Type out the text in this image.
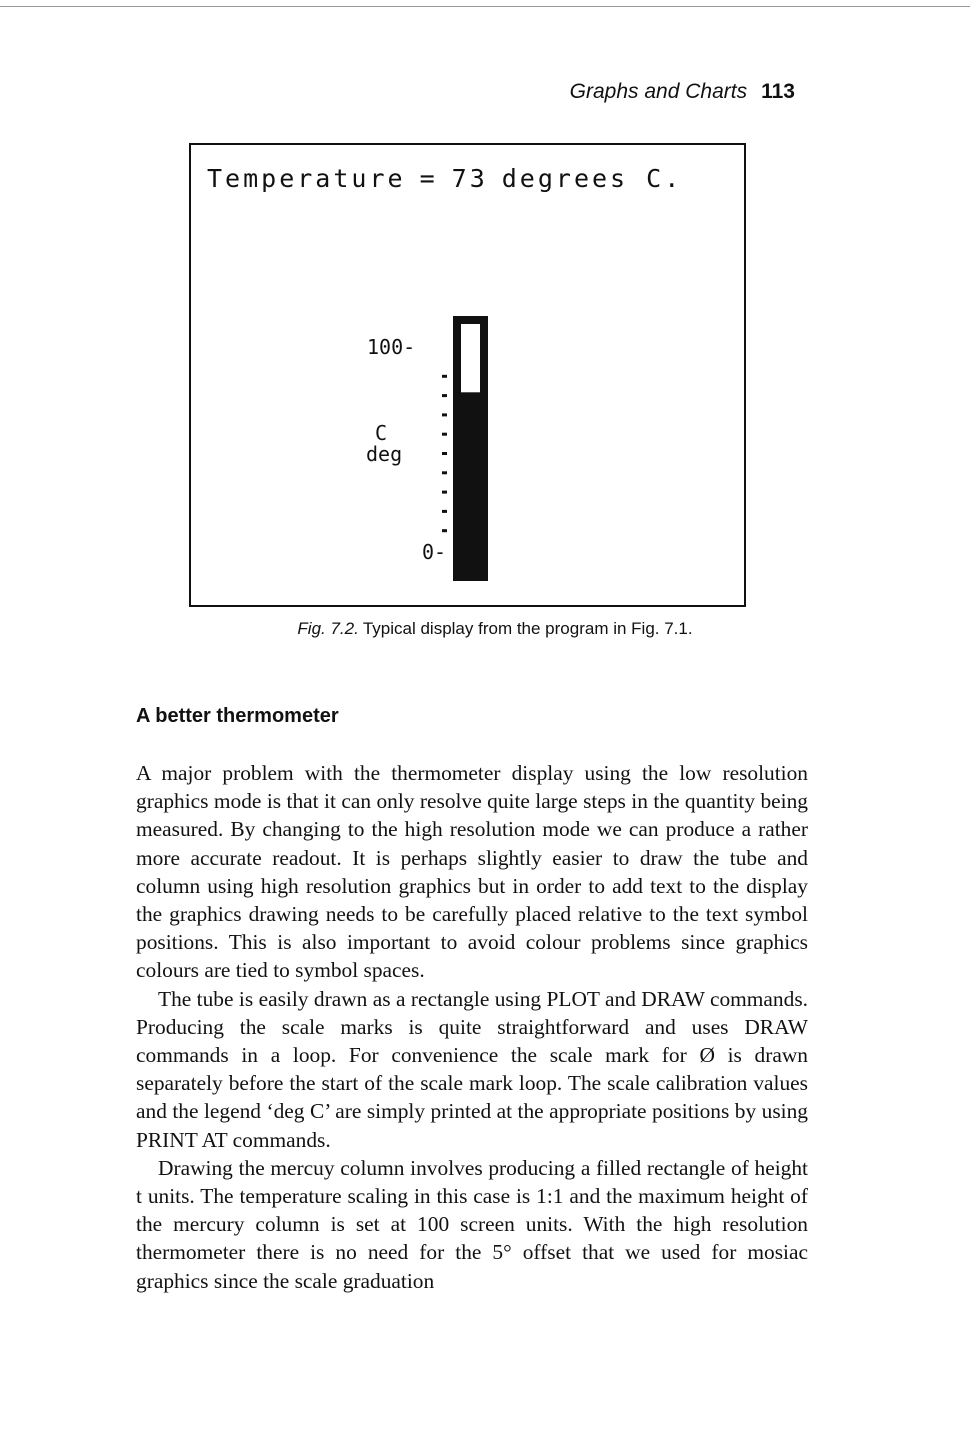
Graphs and Charts 113
Temperature = 73 degrees C.
100-
0-
C
deg
Fig. 7.2. Typical display from the program in Fig. 7.1.
A better thermometer

A major problem with the thermometer display using the low resolution graphics mode is that it can only resolve quite large steps in the quantity being measured. By changing to the high resolution mode we can produce a rather more accurate readout. It is perhaps slightly easier to draw the tube and column using high resolution graphics but in order to add text to the display the graphics drawing needs to be carefully placed relative to the text symbol positions. This is also important to avoid colour problems since graphics colours are tied to symbol spaces.

The tube is easily drawn as a rectangle using PLOT and DRAW commands. Producing the scale marks is quite straightforward and uses DRAW commands in a loop. For convenience the scale mark for Ø is drawn separately before the start of the scale mark loop. The scale calibration values and the legend ‘deg C’ are simply printed at the appropriate positions by using PRINT AT commands.

Drawing the mercuy column involves producing a filled rectangle of height t units. The temperature scaling in this case is 1:1 and the maximum height of the mercury column is set at 100 screen units. With the high resolution thermometer there is no need for the 5° offset that we used for mosiac graphics since the scale graduation
